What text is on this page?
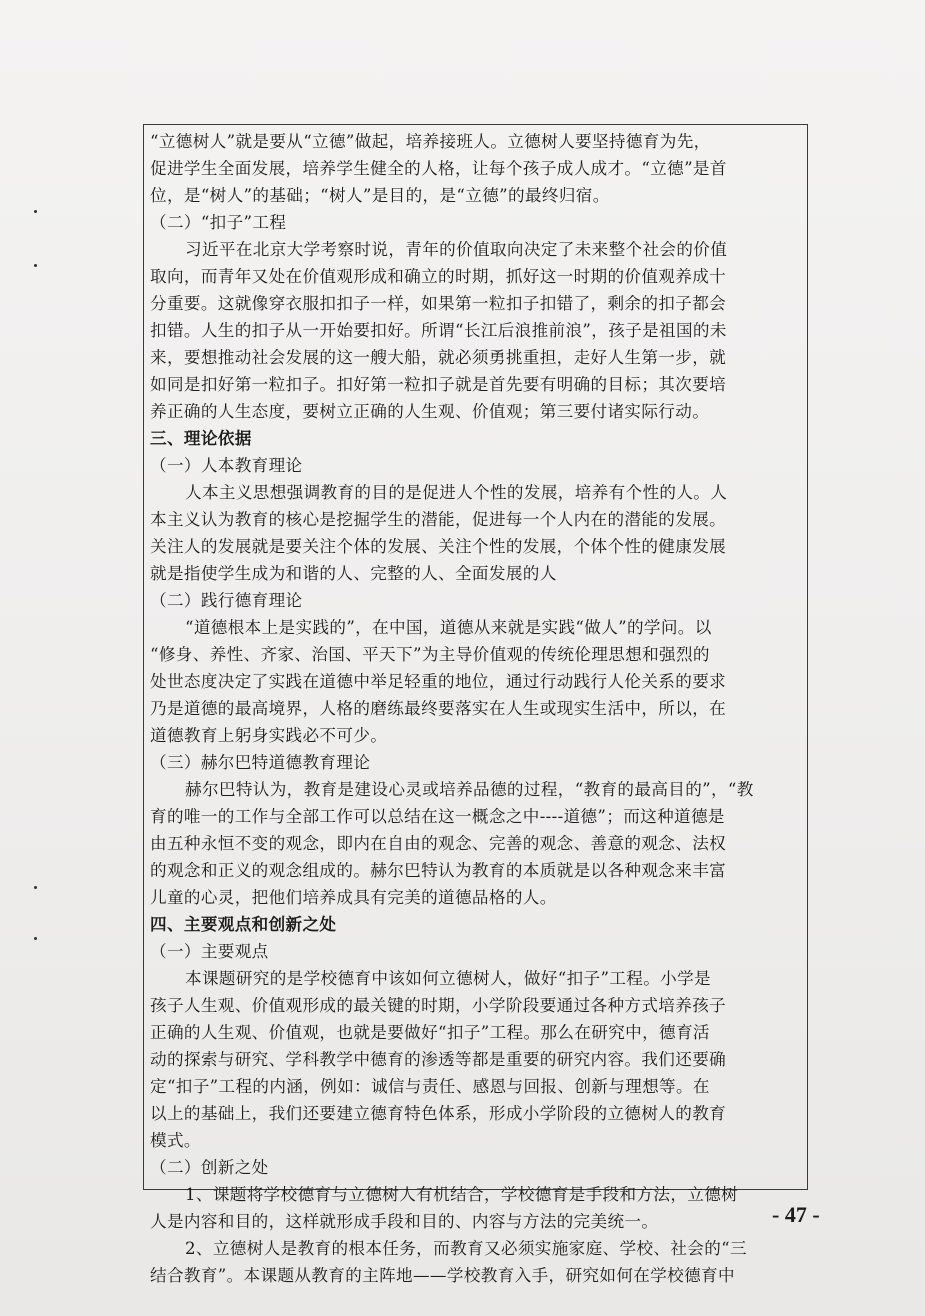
“立德树人”就是要从“立德”做起，培养接班人。立德树人要坚持德育为先，
促进学生全面发展，培养学生健全的人格，让每个孩子成人成才。“立德”是首
位，是“树人”的基础；“树人”是目的，是“立德”的最终归宿。
（二）“扣子”工程
习近平在北京大学考察时说，青年的价值取向决定了未来整个社会的价值
取向，而青年又处在价值观形成和确立的时期，抓好这一时期的价值观养成十
分重要。这就像穿衣服扣扣子一样，如果第一粒扣子扣错了，剩余的扣子都会
扣错。人生的扣子从一开始要扣好。所谓“长江后浪推前浪”，孩子是祖国的未
来，要想推动社会发展的这一艘大船，就必须勇挑重担，走好人生第一步，就
如同是扣好第一粒扣子。扣好第一粒扣子就是首先要有明确的目标；其次要培
养正确的人生态度，要树立正确的人生观、价值观；第三要付诸实际行动。
三、理论依据
（一）人本教育理论
人本主义思想强调教育的目的是促进人个性的发展，培养有个性的人。人
本主义认为教育的核心是挖掘学生的潜能，促进每一个人内在的潜能的发展。
关注人的发展就是要关注个体的发展、关注个性的发展，个体个性的健康发展
就是指使学生成为和谐的人、完整的人、全面发展的人
（二）践行德育理论
“道德根本上是实践的”，在中国，道德从来就是实践“做人”的学问。以
“修身、养性、齐家、治国、平天下”为主导价值观的传统伦理思想和强烈的
处世态度决定了实践在道德中举足轻重的地位，通过行动践行人伦关系的要求
乃是道德的最高境界，人格的磨练最终要落实在人生或现实生活中，所以，在
道德教育上躬身实践必不可少。
（三）赫尔巴特道德教育理论
赫尔巴特认为，教育是建设心灵或培养品德的过程，“教育的最高目的”，“教
育的唯一的工作与全部工作可以总结在这一概念之中----道德”；而这种道德是
由五种永恒不变的观念，即内在自由的观念、完善的观念、善意的观念、法权
的观念和正义的观念组成的。赫尔巴特认为教育的本质就是以各种观念来丰富
儿童的心灵，把他们培养成具有完美的道德品格的人。
四、主要观点和创新之处
（一）主要观点
本课题研究的是学校德育中该如何立德树人，做好“扣子”工程。小学是
孩子人生观、价值观形成的最关键的时期，小学阶段要通过各种方式培养孩子
正确的人生观、价值观，也就是要做好“扣子”工程。那么在研究中，德育活
动的探索与研究、学科教学中德育的渗透等都是重要的研究内容。我们还要确
定“扣子”工程的内涵，例如：诚信与责任、感恩与回报、创新与理想等。在
以上的基础上，我们还要建立德育特色体系，形成小学阶段的立德树人的教育
模式。
（二）创新之处
1、课题将学校德育与立德树人有机结合，学校德育是手段和方法，立德树
人是内容和目的，这样就形成手段和目的、内容与方法的完美统一。
2、立德树人是教育的根本任务，而教育又必须实施家庭、学校、社会的“三
结合教育”。本课题从教育的主阵地——学校教育入手，研究如何在学校德育中
- 47 -
